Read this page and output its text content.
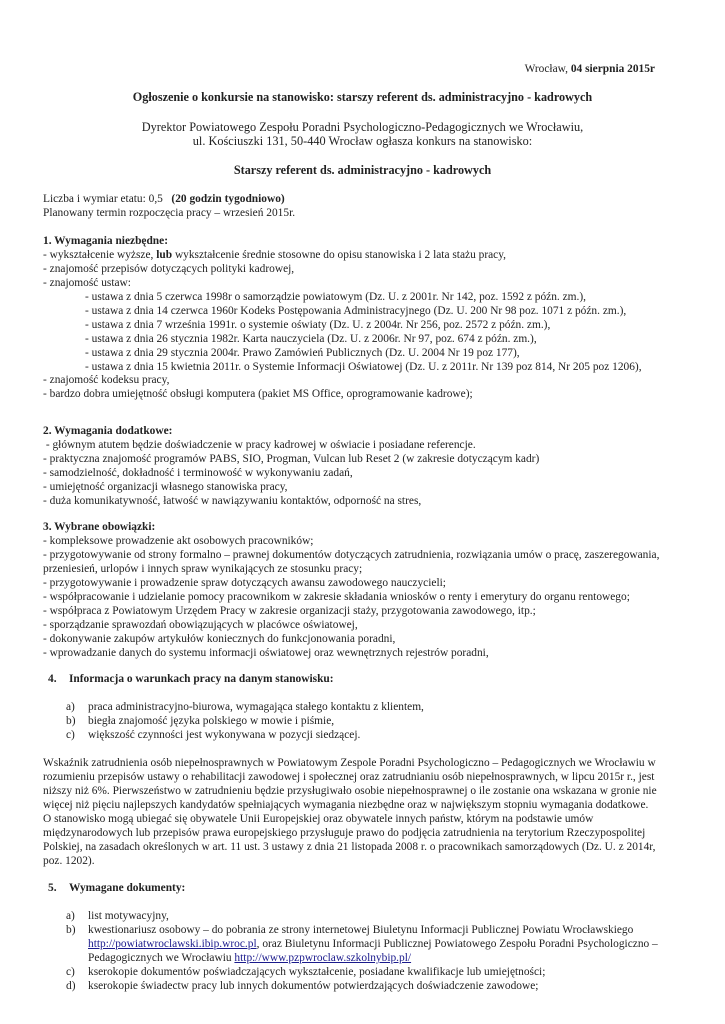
Wrocław, 04 sierpnia 2015r
Ogłoszenie o konkursie na stanowisko: starszy referent ds. administracyjno - kadrowych
Dyrektor Powiatowego Zespołu Poradni Psychologiczno-Pedagogicznych we Wrocławiu,
ul. Kościuszki 131, 50-440 Wrocław ogłasza konkurs na stanowisko:
Starszy referent ds. administracyjno - kadrowych
Liczba i wymiar etatu: 0,5 (20 godzin tygodniowo)
Planowany termin rozpoczęcia pracy – wrzesień 2015r.
1. Wymagania niezbędne:
- wykształcenie wyższe, lub wykształcenie średnie stosowne do opisu stanowiska i 2 lata stażu pracy,
- znajomość przepisów dotyczących polityki kadrowej,
- znajomość ustaw:
- ustawa z dnia 5 czerwca 1998r o samorządzie powiatowym (Dz. U. z 2001r. Nr 142, poz. 1592 z późn. zm.),
- ustawa z dnia 14 czerwca 1960r Kodeks Postępowania Administracyjnego (Dz. U. 200 Nr 98 poz. 1071 z późn. zm.),
- ustawa z dnia 7 września 1991r. o systemie oświaty (Dz. U. z 2004r. Nr 256, poz. 2572 z późn. zm.),
- ustawa z dnia 26 stycznia 1982r. Karta nauczyciela (Dz. U. z 2006r. Nr 97, poz. 674 z późn. zm.),
- ustawa z dnia 29 stycznia 2004r. Prawo Zamówień Publicznych (Dz. U. 2004 Nr 19 poz 177),
- ustawa z dnia 15 kwietnia 2011r. o Systemie Informacji Oświatowej (Dz. U. z 2011r. Nr 139 poz 814, Nr 205 poz 1206),
- znajomość kodeksu pracy,
- bardzo dobra umiejętność obsługi komputera (pakiet MS Office, oprogramowanie kadrowe);
2. Wymagania dodatkowe:
- głównym atutem będzie doświadczenie w pracy kadrowej w oświacie i posiadane referencje.
- praktyczna znajomość programów PABS, SIO, Progman, Vulcan lub Reset 2 (w zakresie dotyczącym kadr)
- samodzielność, dokładność i terminowość w wykonywaniu zadań,
- umiejętność organizacji własnego stanowiska pracy,
- duża komunikatywność, łatwość w nawiązywaniu kontaktów, odporność na stres,
3. Wybrane obowiązki:
- kompleksowe prowadzenie akt osobowych pracowników;
- przygotowywanie od strony formalno – prawnej dokumentów dotyczących zatrudnienia, rozwiązania umów o pracę, zaszeregowania,
przeniesień, urlopów i innych spraw wynikających ze stosunku pracy;
- przygotowywanie i prowadzenie spraw dotyczących awansu zawodowego nauczycieli;
- współpracowanie i udzielanie pomocy pracownikom w zakresie składania wniosków o renty i emerytury do organu rentowego;
- współpraca z Powiatowym Urzędem Pracy w zakresie organizacji staży, przygotowania zawodowego, itp.;
- sporządzanie sprawozdań obowiązujących w placówce oświatowej,
- dokonywanie zakupów artykułów koniecznych do funkcjonowania poradni,
- wprowadzanie danych do systemu informacji oświatowej oraz wewnętrznych rejestrów poradni,
4. Informacja o warunkach pracy na danym stanowisku:
a) praca administracyjno-biurowa, wymagająca stałego kontaktu z klientem,
b) biegła znajomość języka polskiego w mowie i piśmie,
c) większość czynności jest wykonywana w pozycji siedzącej.
Wskaźnik zatrudnienia osób niepełnosprawnych w Powiatowym Zespole Poradni Psychologiczno – Pedagogicznych we Wrocławiu w
rozumieniu przepisów ustawy o rehabilitacji zawodowej i społecznej oraz zatrudnianiu osób niepełnosprawnych, w lipcu 2015r r., jest
niższy niż 6%. Pierwszeństwo w zatrudnieniu będzie przysługiwało osobie niepełnosprawnej o ile zostanie ona wskazana w gronie nie
więcej niż pięciu najlepszych kandydatów spełniających wymagania niezbędne oraz w największym stopniu wymagania dodatkowe.
O stanowisko mogą ubiegać się obywatele Unii Europejskiej oraz obywatele innych państw, którym na podstawie umów
międzynarodowych lub przepisów prawa europejskiego przysługuje prawo do podjęcia zatrudnienia na terytorium Rzeczypospolitej
Polskiej, na zasadach określonych w art. 11 ust. 3 ustawy z dnia 21 listopada 2008 r. o pracownikach samorządowych (Dz. U. z 2014r,
poz. 1202).
5. Wymagane dokumenty:
a) list motywacyjny,
b) kwestionariusz osobowy – do pobrania ze strony internetowej Biuletynu Informacji Publicznej Powiatu Wrocławskiego
http://powiatwroclawski.ibip.wroc.pl, oraz Biuletynu Informacji Publicznej Powiatowego Zespołu Poradni Psychologiczno –
Pedagogicznych we Wrocławiu http://www.pzpwroclaw.szkolnybip.pl/
c) kserokopie dokumentów poświadczających wykształcenie, posiadane kwalifikacje lub umiejętności;
d) kserokopie świadectw pracy lub innych dokumentów potwierdzających doświadczenie zawodowe;
